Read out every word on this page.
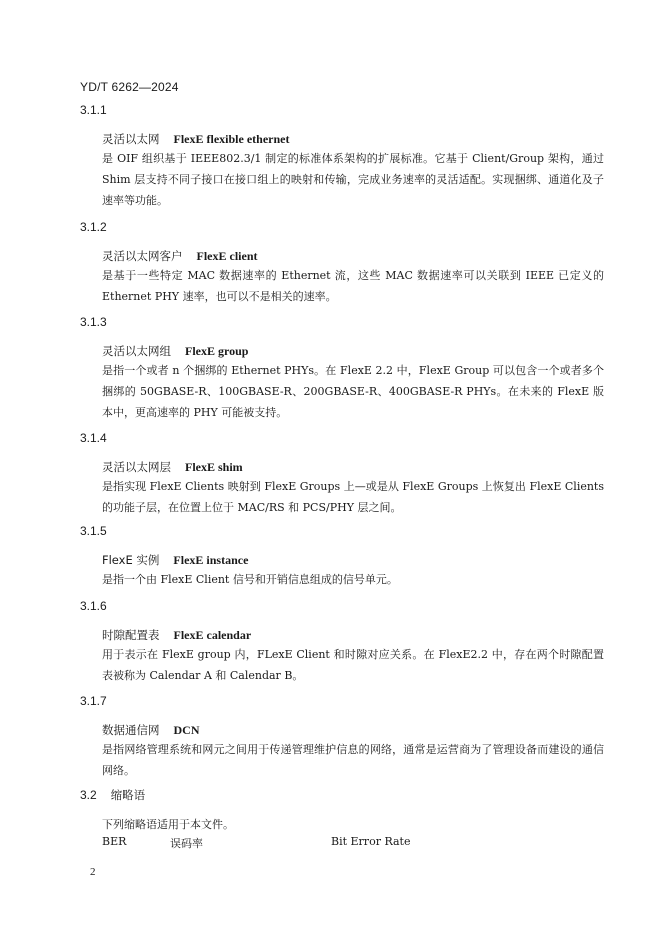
YD/T 6262—2024
3.1.1
灵活以太网 FlexE flexible ethernet
是 OIF 组织基于 IEEE802.3/1 制定的标准体系架构的扩展标准。它基于 Client/Group 架构，通过 Shim 层支持不同子接口在接口组上的映射和传输，完成业务速率的灵活适配。实现捆绑、通道化及子速率等功能。
3.1.2
灵活以太网客户 FlexE client
是基于一些特定 MAC 数据速率的 Ethernet 流，这些 MAC 数据速率可以关联到 IEEE 已定义的 Ethernet PHY 速率，也可以不是相关的速率。
3.1.3
灵活以太网组 FlexE group
是指一个或者 n 个捆绑的 Ethernet PHYs。在 FlexE 2.2 中，FlexE Group 可以包含一个或者多个捆绑的 50GBASE-R、100GBASE-R、200GBASE-R、400GBASE-R PHYs。在未来的 FlexE 版本中，更高速率的 PHY 可能被支持。
3.1.4
灵活以太网层 FlexE shim
是指实现 FlexE Clients 映射到 FlexE Groups 上—或是从 FlexE Groups 上恢复出 FlexE Clients 的功能子层，在位置上位于 MAC/RS 和 PCS/PHY 层之间。
3.1.5
FlexE 实例 FlexE instance
是指一个由 FlexE Client 信号和开销信息组成的信号单元。
3.1.6
时隙配置表 FlexE calendar
用于表示在 FlexE group 内，FLexE Client 和时隙对应关系。在 FlexE2.2 中，存在两个时隙配置表被称为 Calendar A 和 Calendar B。
3.1.7
数据通信网 DCN
是指网络管理系统和网元之间用于传递管理维护信息的网络，通常是运营商为了管理设备而建设的通信网络。
3.2 缩略语
下列缩略语适用于本文件。
BER	误码率	Bit Error Rate
2
